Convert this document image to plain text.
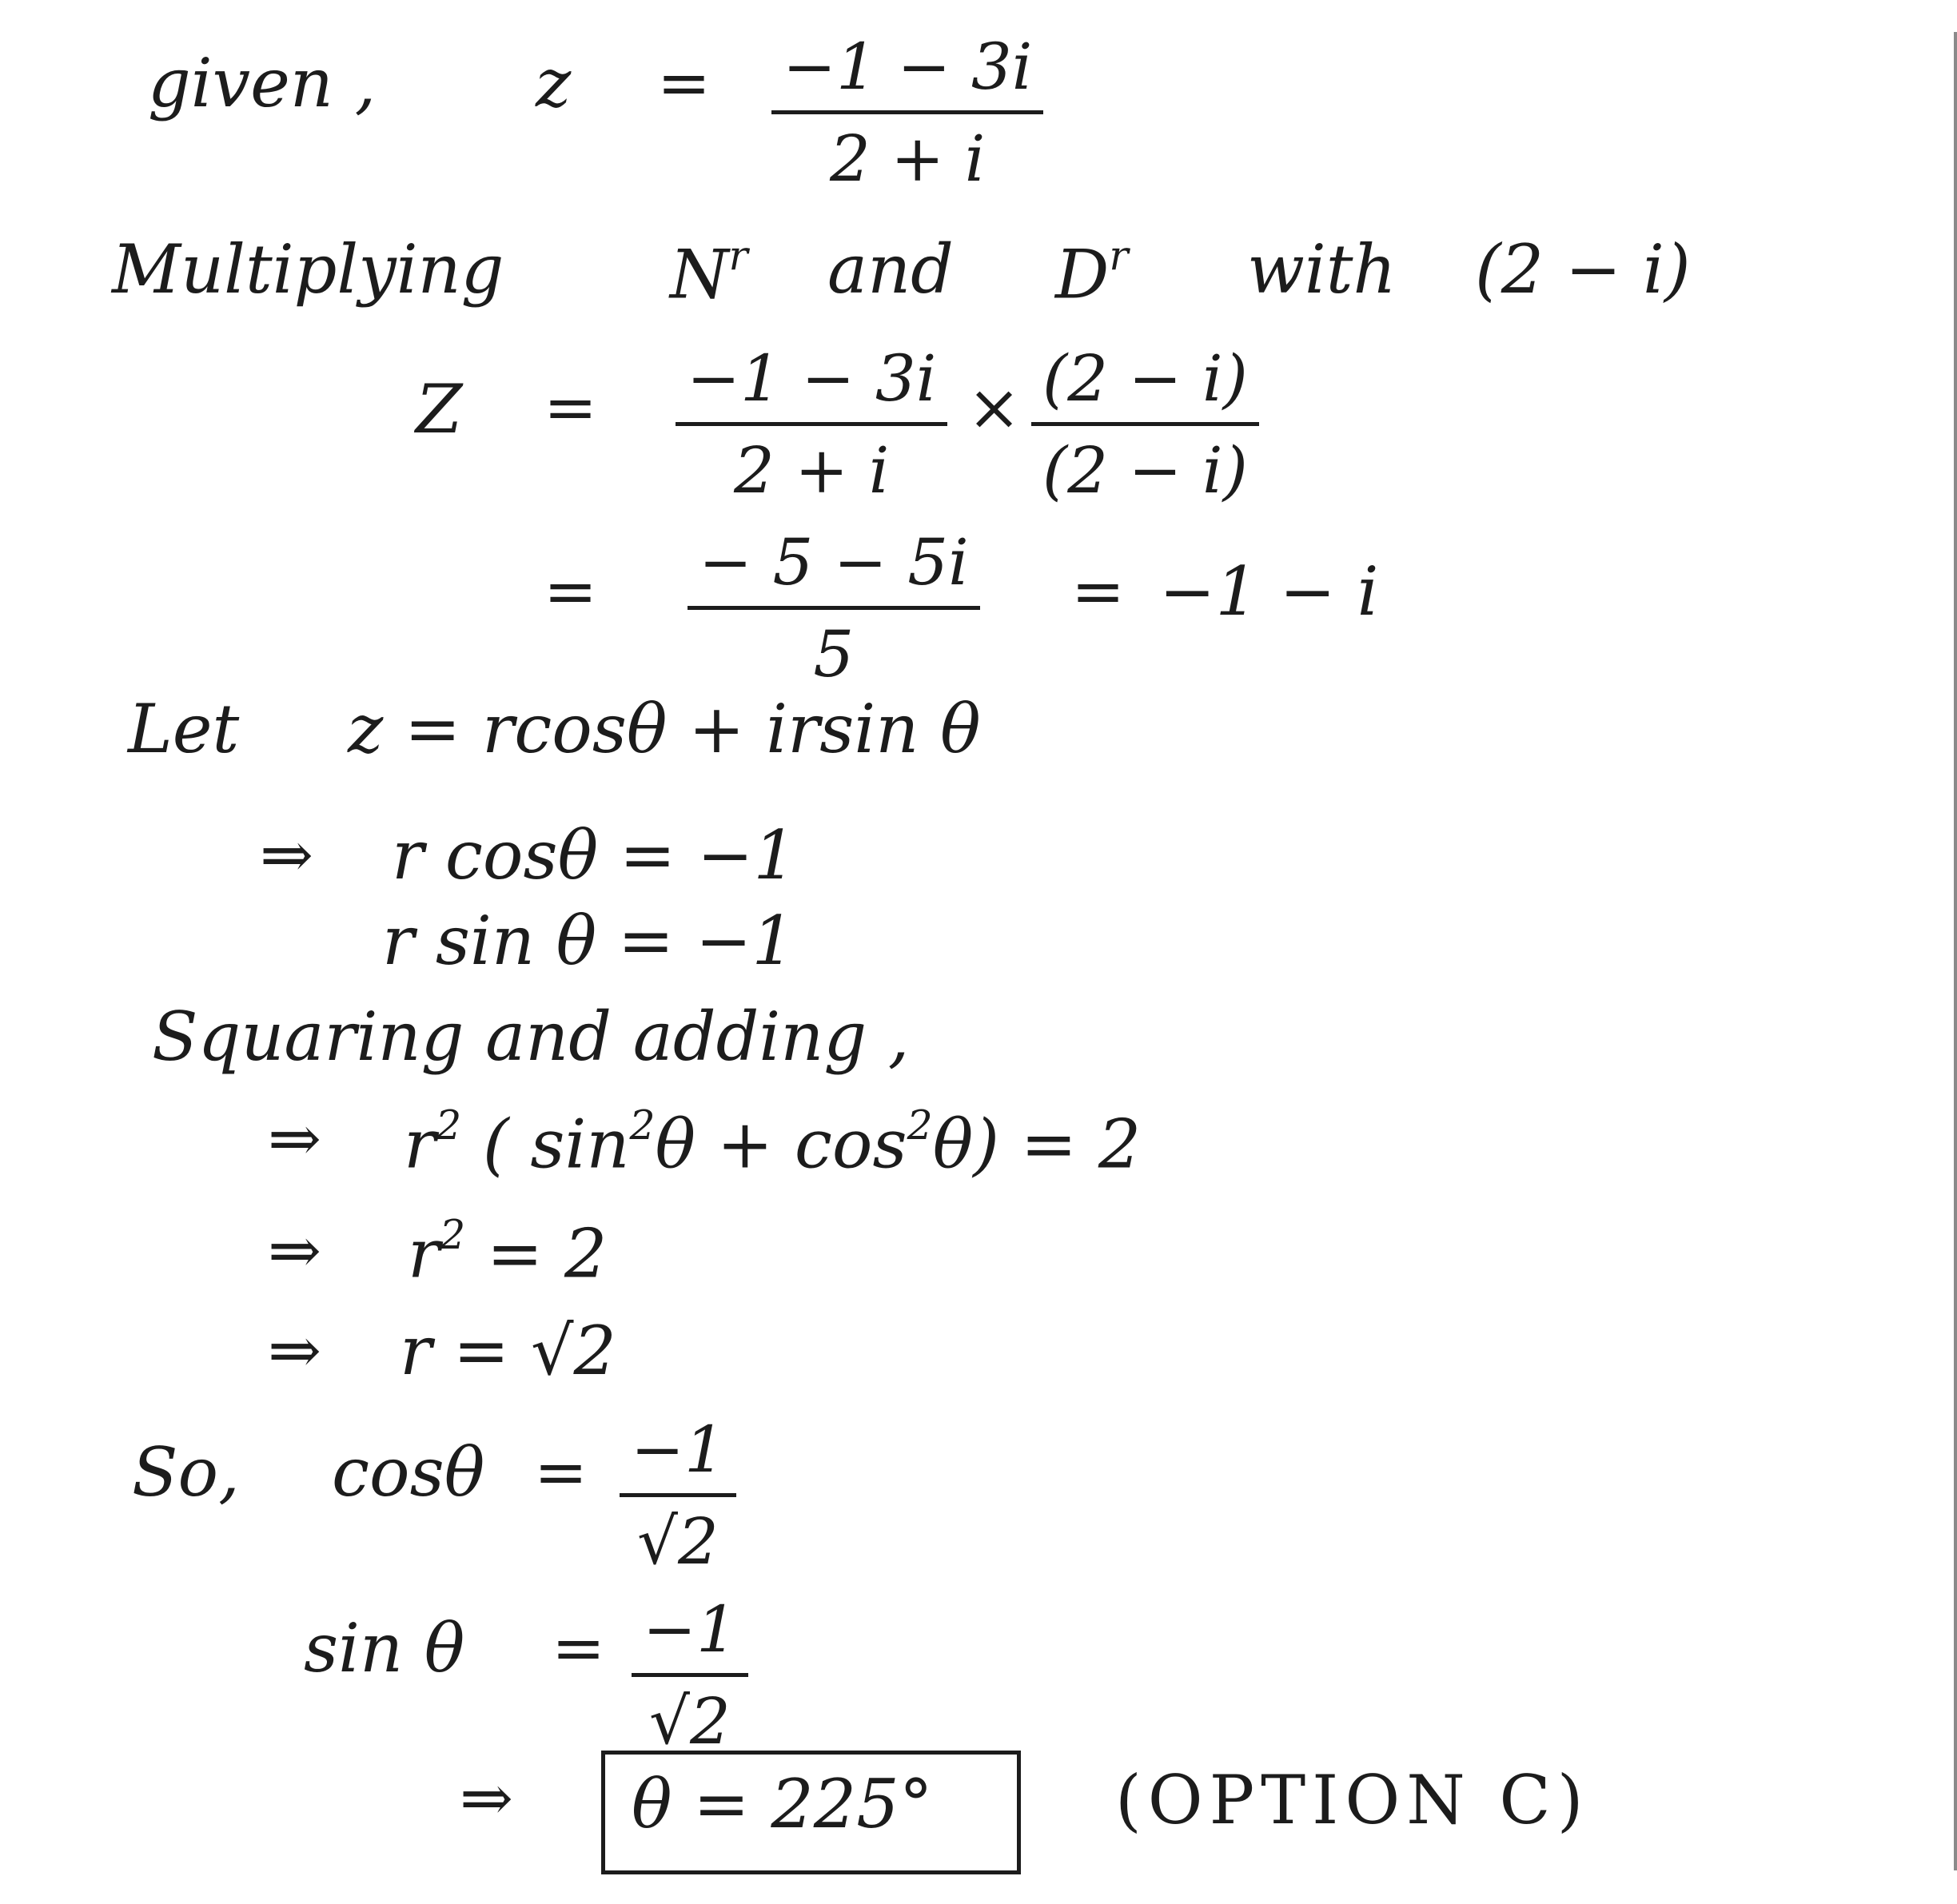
given , $z = \frac{-1 - 3i}{2 + i}$
Multiplying $N^r$ and $D^r$ with (2 − i)
$Z = \frac{-1 - 3i}{2 + i} \times \frac{(2 - i)}{(2 - i)}$
= $\frac{- 5 - 5i}{5} = -1 - i$
Let z = rcosθ + irsin θ
⇒ r cosθ = −1
r sin θ = −1
Squaring and adding ,
⇒ $r^2$ ( $\sin^2\theta + \cos^2\theta) = 2$
⇒ $r^2 = 2$
⇒ r = √2
So, $\cos\theta = \frac{-1}{√2}$
$\sin \theta = \frac{-1}{√2}$
⇒ θ = 225°	(OPTION C)
